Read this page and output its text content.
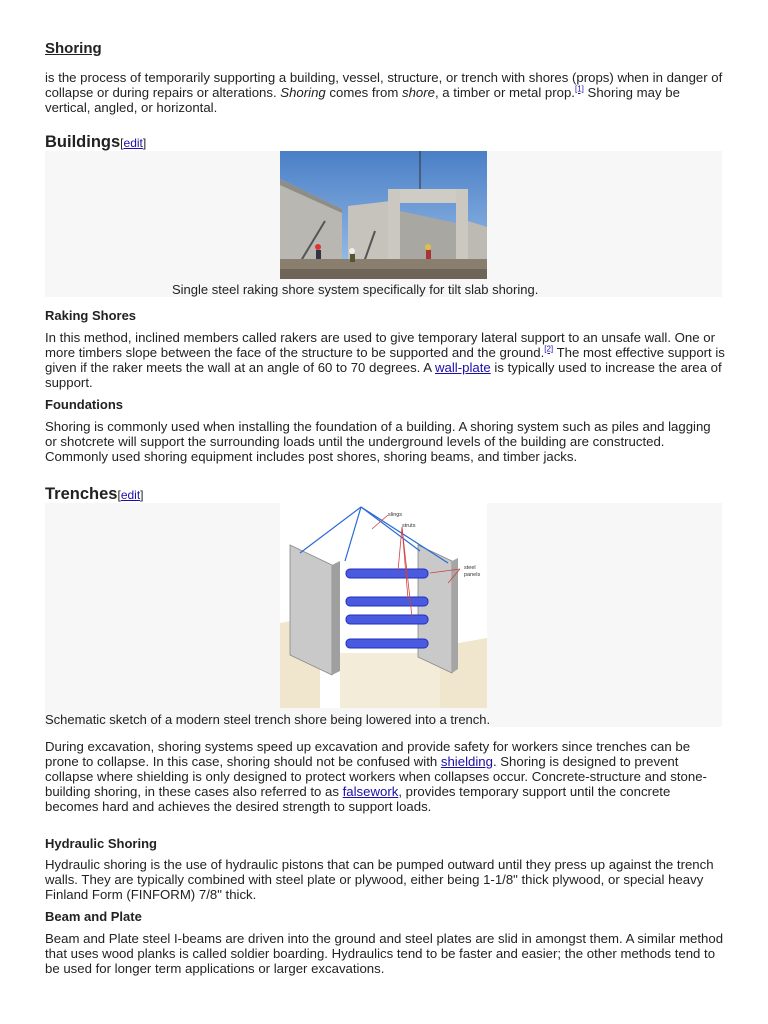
Shoring
is the process of temporarily supporting a building, vessel, structure, or trench with shores (props) when in danger of collapse or during repairs or alterations. Shoring comes from shore, a timber or metal prop.[1] Shoring may be vertical, angled, or horizontal.
Buildings[edit]
Single steel raking shore system specifically for tilt slab shoring.
Raking Shores
In this method, inclined members called rakers are used to give temporary lateral support to an unsafe wall. One or more timbers slope between the face of the structure to be supported and the ground.[2] The most effective support is given if the raker meets the wall at an angle of 60 to 70 degrees. A wall-plate is typically used to increase the area of support.
Foundations
Shoring is commonly used when installing the foundation of a building. A shoring system such as piles and lagging or shotcrete will support the surrounding loads until the underground levels of the building are constructed. Commonly used shoring equipment includes post shores, shoring beams, and timber jacks.
Trenches[edit]
slings
struts
steel
panels
Schematic sketch of a modern steel trench shore being lowered into a trench.
During excavation, shoring systems speed up excavation and provide safety for workers since trenches can be prone to collapse. In this case, shoring should not be confused with shielding. Shoring is designed to prevent collapse where shielding is only designed to protect workers when collapses occur. Concrete-structure and stone-building shoring, in these cases also referred to as falsework, provides temporary support until the concrete becomes hard and achieves the desired strength to support loads.
Hydraulic Shoring
Hydraulic shoring is the use of hydraulic pistons that can be pumped outward until they press up against the trench walls. They are typically combined with steel plate or plywood, either being 1-1/8" thick plywood, or special heavy Finland Form (FINFORM) 7/8" thick.
Beam and Plate
Beam and Plate steel I-beams are driven into the ground and steel plates are slid in amongst them. A similar method that uses wood planks is called soldier boarding. Hydraulics tend to be faster and easier; the other methods tend to be used for longer term applications or larger excavations.
